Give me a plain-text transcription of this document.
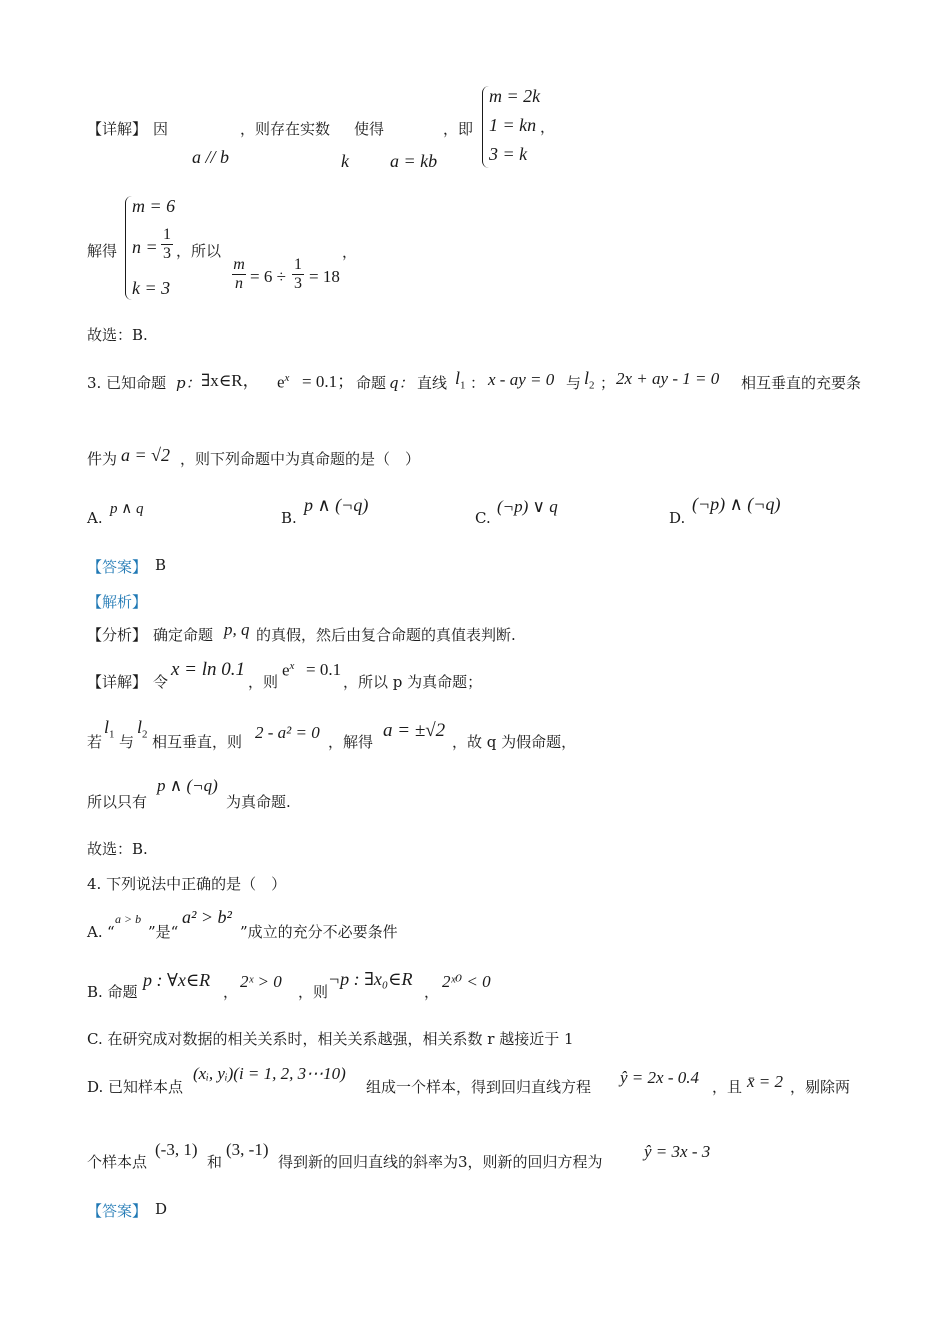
【详解】 因	，则存在实数 使得	，即
a // b	k a = kb
m = 2k
1 = kn
3 = k
，
解得
m = 6
$n = \frac{1}{3}$
k = 3
，所以
$\frac{m}{n} = 6 \div \frac{1}{3} = 18$
，
故选：B.
3. 已知命题 p： ∃x∈R， $e^x = 0.1$； 命题 q： 直线 $l_1$ ： x - ay = 0 与 $l_2$ ； 2x + ay - 1 = 0 相互垂直的充要条
件为 a = √2 ，则下列命题中为真命题的是（　）
A. p ∧ q	B.
p ∧ (¬q)
C.
(¬p) ∨ q
D.
(¬p) ∧ (¬q)
【答案】 B
【解析】
【分析】 确定命题 p, q 的真假，然后由复合命题的真值表判断.
【详解】 令
x = ln 0.1
，则
$e^x = 0.1$
，所以 p 为真命题；
若
$l_1$ 与
$l_2$ 相互垂直，则 2 - a² = 0 ，解得
a = ±√2
，故 q 为假命题，
所以只有
p ∧ (¬q)
为真命题.
故选：B.
4. 下列说法中正确的是（　）
A. “
a > b
”是“
a² > b²
”成立的充分不必要条件
B. 命题
p : ∀x∈R
，
2ˣ > 0
，则
¬p : ∃x₀∈R
，
2ˣ⁰ < 0
C. 在研究成对数据的相关关系时，相关关系越强，相关系数 r 越接近于 1
D. 已知样本点
(xᵢ, yᵢ)(i = 1, 2, 3⋯10)
组成一个样本，得到回归直线方程 ŷ = 2x - 0.4 ，且 x̄ = 2 ，剔除两
个样本点
(-3, 1)
和
(3, -1)
得到新的回归直线的斜率为3，则新的回归方程为
ŷ = 3x - 3
【答案】 D
